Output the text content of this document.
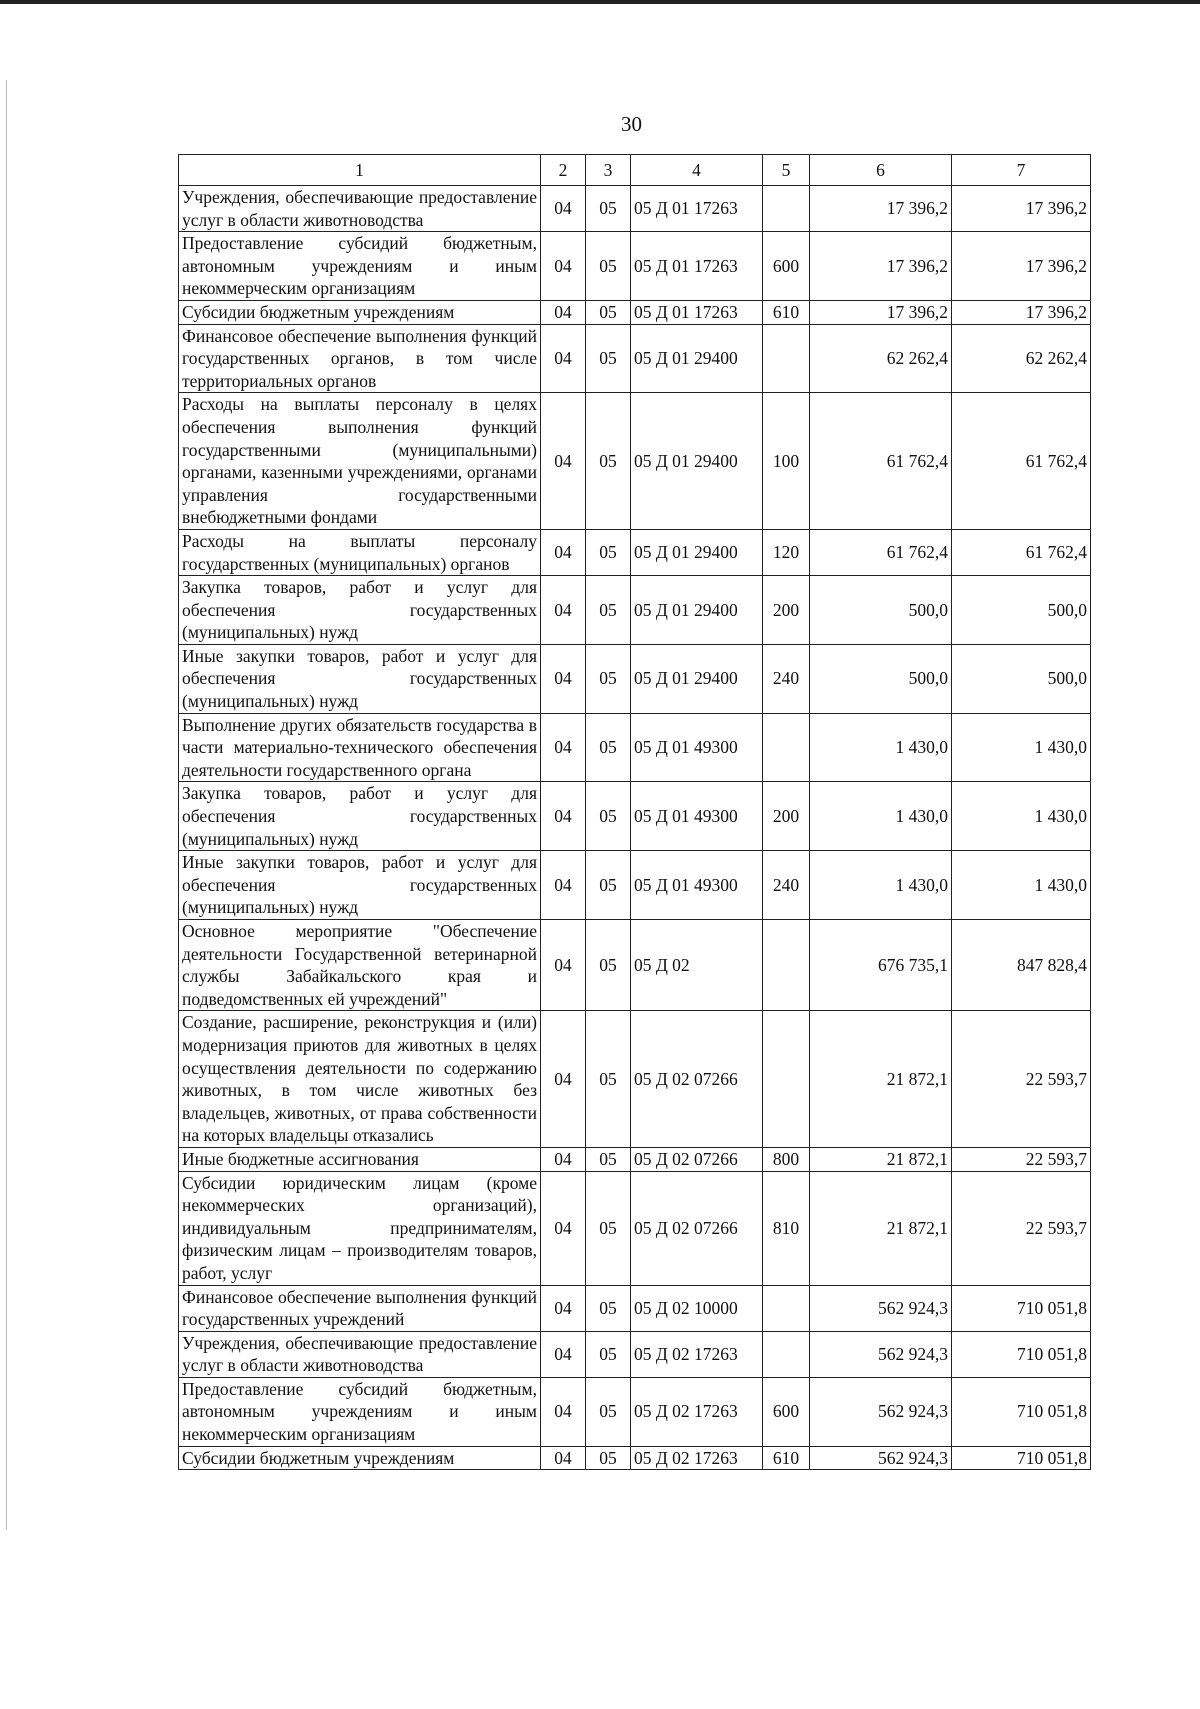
30
1	2	3	4	5	6	7
Учреждения, обеспечивающие предоставление услуг в области животноводства	04	05	05 Д 01 17263		17 396,2	17 396,2
Предоставление субсидий бюджетным, автономным учреждениям и иным некоммерческим организациям	04	05	05 Д 01 17263	600	17 396,2	17 396,2
Субсидии бюджетным учреждениям	04	05	05 Д 01 17263	610	17 396,2	17 396,2
Финансовое обеспечение выполнения функций государственных органов, в том числе территориальных органов	04	05	05 Д 01 29400		62 262,4	62 262,4
Расходы на выплаты персоналу в целях обеспечения выполнения функций государственными (муниципальными) органами, казенными учреждениями, органами управления государственными внебюджетными фондами	04	05	05 Д 01 29400	100	61 762,4	61 762,4
Расходы на выплаты персоналу государственных (муниципальных) органов	04	05	05 Д 01 29400	120	61 762,4	61 762,4
Закупка товаров, работ и услуг для обеспечения государственных (муниципальных) нужд	04	05	05 Д 01 29400	200	500,0	500,0
Иные закупки товаров, работ и услуг для обеспечения государственных (муниципальных) нужд	04	05	05 Д 01 29400	240	500,0	500,0
Выполнение других обязательств государства в части материально-технического обеспечения деятельности государственного органа	04	05	05 Д 01 49300		1 430,0	1 430,0
Закупка товаров, работ и услуг для обеспечения государственных (муниципальных) нужд	04	05	05 Д 01 49300	200	1 430,0	1 430,0
Иные закупки товаров, работ и услуг для обеспечения государственных (муниципальных) нужд	04	05	05 Д 01 49300	240	1 430,0	1 430,0
Основное мероприятие "Обеспечение деятельности Государственной ветеринарной службы Забайкальского края и подведомственных ей учреждений"	04	05	05 Д 02		676 735,1	847 828,4
Создание, расширение, реконструкция и (или) модернизация приютов для животных в целях осуществления деятельности по содержанию животных, в том числе животных без владельцев, животных, от права собственности на которых владельцы отказались	04	05	05 Д 02 07266		21 872,1	22 593,7
Иные бюджетные ассигнования	04	05	05 Д 02 07266	800	21 872,1	22 593,7
Субсидии юридическим лицам (кроме некоммерческих организаций), индивидуальным предпринимателям, физическим лицам – производителям товаров, работ, услуг	04	05	05 Д 02 07266	810	21 872,1	22 593,7
Финансовое обеспечение выполнения функций государственных учреждений	04	05	05 Д 02 10000		562 924,3	710 051,8
Учреждения, обеспечивающие предоставление услуг в области животноводства	04	05	05 Д 02 17263		562 924,3	710 051,8
Предоставление субсидий бюджетным, автономным учреждениям и иным некоммерческим организациям	04	05	05 Д 02 17263	600	562 924,3	710 051,8
Субсидии бюджетным учреждениям	04	05	05 Д 02 17263	610	562 924,3	710 051,8
